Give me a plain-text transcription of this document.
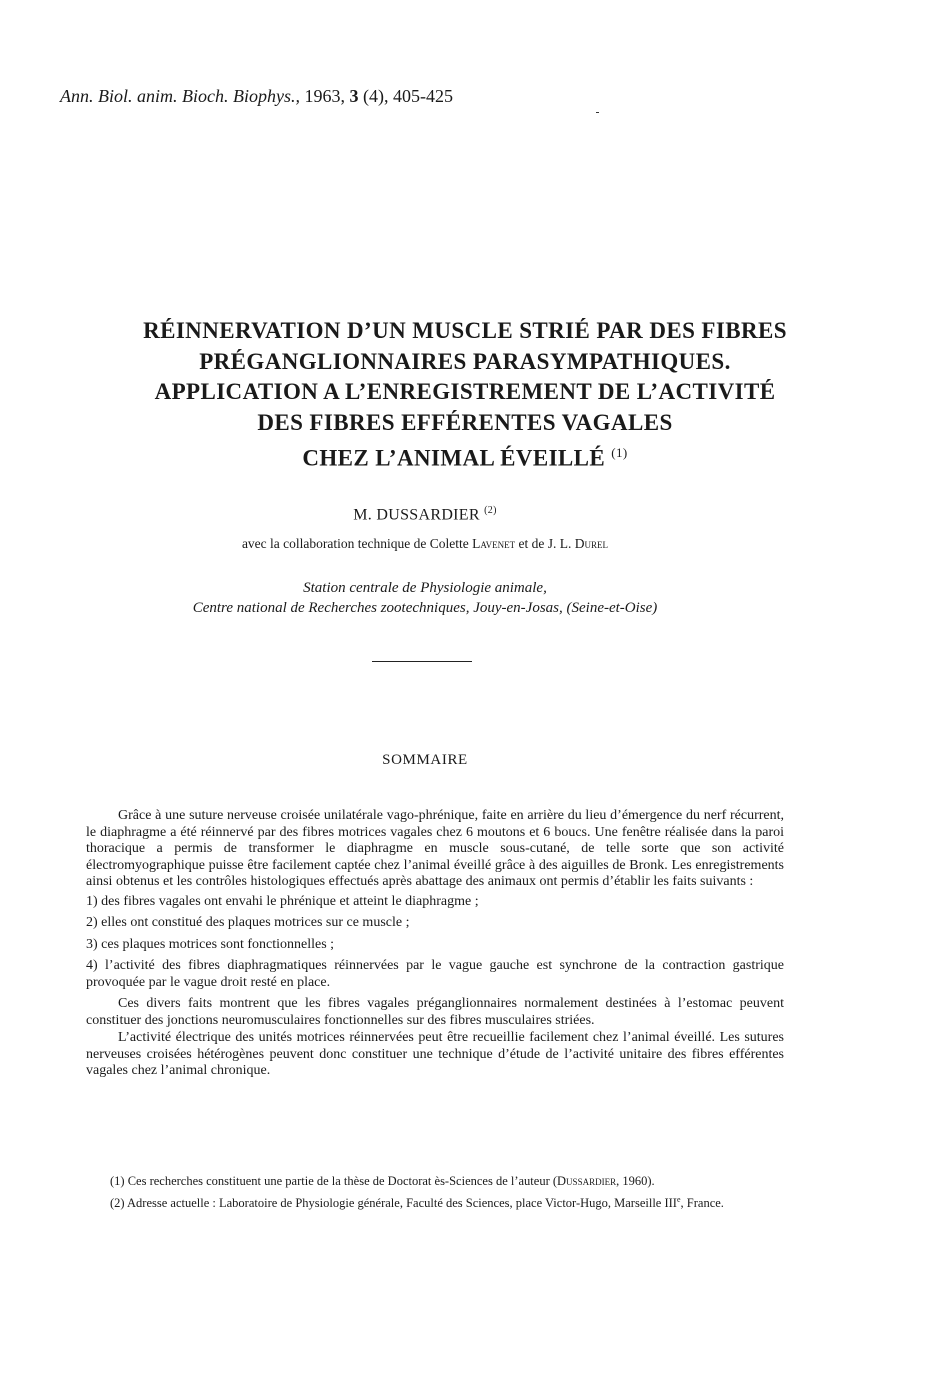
Ann. Biol. anim. Bioch. Biophys., 1963, 3 (4), 405-425
RÉINNERVATION D’UN MUSCLE STRIÉ PAR DES FIBRES
PRÉGANGLIONNAIRES PARASYMPATHIQUES.
APPLICATION A L’ENREGISTREMENT DE L’ACTIVITÉ
DES FIBRES EFFÉRENTES VAGALES
CHEZ L’ANIMAL ÉVEILLÉ $^{(1)}$
M. DUSSARDIER $^{(2)}$
avec la collaboration technique de Colette Lavenet et de J. L. Durel
Station centrale de Physiologie animale,
Centre national de Recherches zootechniques, Jouy-en-Josas, (Seine-et-Oise)
SOMMAIRE

Grâce à une suture nerveuse croisée unilatérale vago-phrénique, faite en arrière du lieu d’émergence du nerf récurrent, le diaphragme a été réinnervé par des fibres motrices vagales chez 6 moutons et 6 boucs. Une fenêtre réalisée dans la paroi thoracique a permis de transformer le diaphragme en muscle sous-cutané, de telle sorte que son activité électromyographique puisse être facilement captée chez l’animal éveillé grâce à des aiguilles de Bronk. Les enregistrements ainsi obtenus et les contrôles histologiques effectués après abattage des animaux ont permis d’établir les faits suivants :

1) des fibres vagales ont envahi le phrénique et atteint le diaphragme ;

2) elles ont constitué des plaques motrices sur ce muscle ;

3) ces plaques motrices sont fonctionnelles ;

4) l’activité des fibres diaphragmatiques réinnervées par le vague gauche est synchrone de la contraction gastrique provoquée par le vague droit resté en place.

Ces divers faits montrent que les fibres vagales préganglionnaires normalement destinées à l’estomac peuvent constituer des jonctions neuromusculaires fonctionnelles sur des fibres musculaires striées.

L’activité électrique des unités motrices réinnervées peut être recueillie facilement chez l’animal éveillé. Les sutures nerveuses croisées hétérogènes peuvent donc constituer une technique d’étude de l’activité unitaire des fibres efférentes vagales chez l’animal chronique.

(1) Ces recherches constituent une partie de la thèse de Doctorat ès-Sciences de l’auteur (Dussardier, 1960).

(2) Adresse actuelle : Laboratoire de Physiologie générale, Faculté des Sciences, place Victor-Hugo, Marseille IIIe, France.
